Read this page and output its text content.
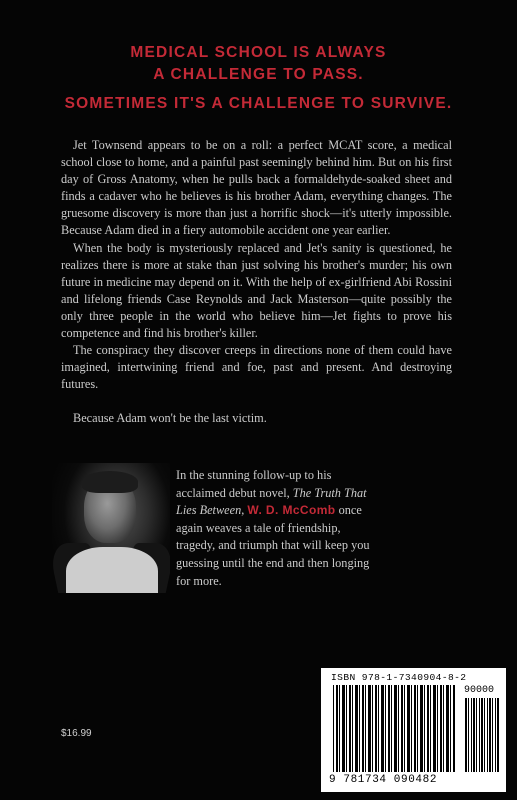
MEDICAL SCHOOL IS ALWAYS
A CHALLENGE TO PASS.
SOMETIMES IT'S A CHALLENGE TO SURVIVE.
Jet Townsend appears to be on a roll: a perfect MCAT score, a medical school close to home, and a painful past seemingly behind him. But on his first day of Gross Anatomy, when he pulls back a formaldehyde-soaked sheet and finds a cadaver who he believes is his brother Adam, everything changes. The gruesome discovery is more than just a horrific shock—it's utterly impossible. Because Adam died in a fiery automobile accident one year earlier.
When the body is mysteriously replaced and Jet's sanity is questioned, he realizes there is more at stake than just solving his brother's murder; his own future in medicine may depend on it. With the help of ex-girlfriend Abi Rossini and lifelong friends Case Reynolds and Jack Masterson—quite possibly the only three people in the world who believe him—Jet fights to prove his competence and find his brother's killer.
The conspiracy they discover creeps in directions none of them could have imagined, intertwining friend and foe, past and present. And destroying futures.
Because Adam won't be the last victim.
In the stunning follow-up to his acclaimed debut novel, The Truth That Lies Between, W. D. McComb once again weaves a tale of friendship, tragedy, and triumph that will keep you guessing until the end and then longing for more.
$16.99
ISBN 978-1-7340904-8-2
90000
9 781734 090482
